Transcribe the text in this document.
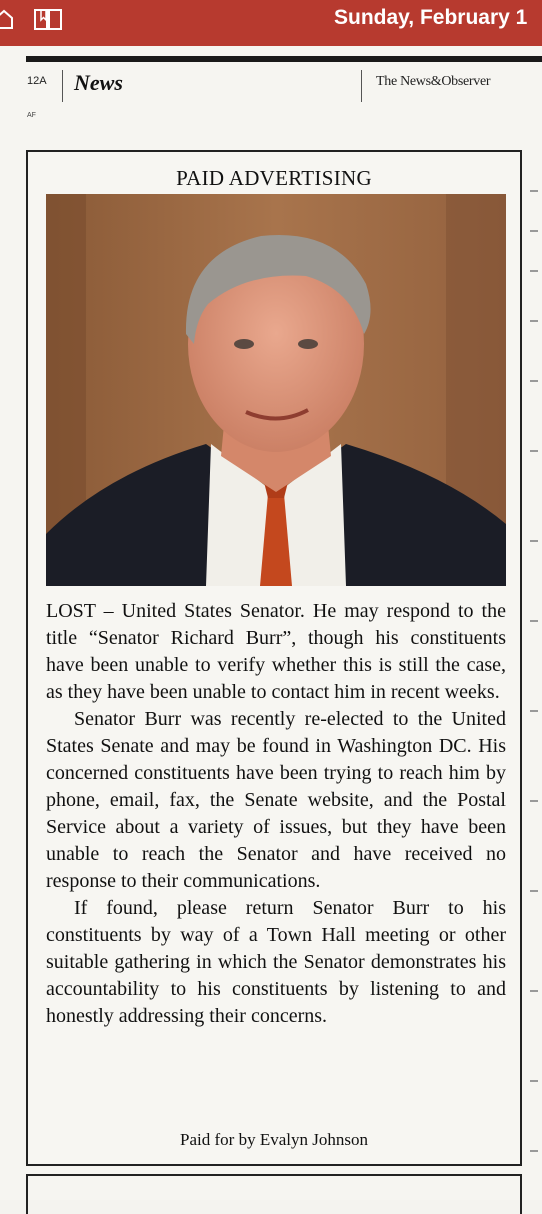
Sunday, February 1
12A News	The News&Observer
AF
PAID ADVERTISING

LOST – United States Senator. He may respond to the title “Senator Richard Burr”, though his constituents have been unable to verify whether this is still the case, as they have been unable to contact him in recent weeks.

Senator Burr was recently re-elected to the United States Senate and may be found in Washington DC. His concerned constituents have been trying to reach him by phone, email, fax, the Senate website, and the Postal Service about a variety of issues, but they have been unable to reach the Senator and have received no response to their communications.

If found, please return Senator Burr to his constituents by way of a Town Hall meeting or other suitable gathering in which the Senator demonstrates his accountability to his constituents by listening to and honestly addressing their concerns.

Paid for by Evalyn Johnson
